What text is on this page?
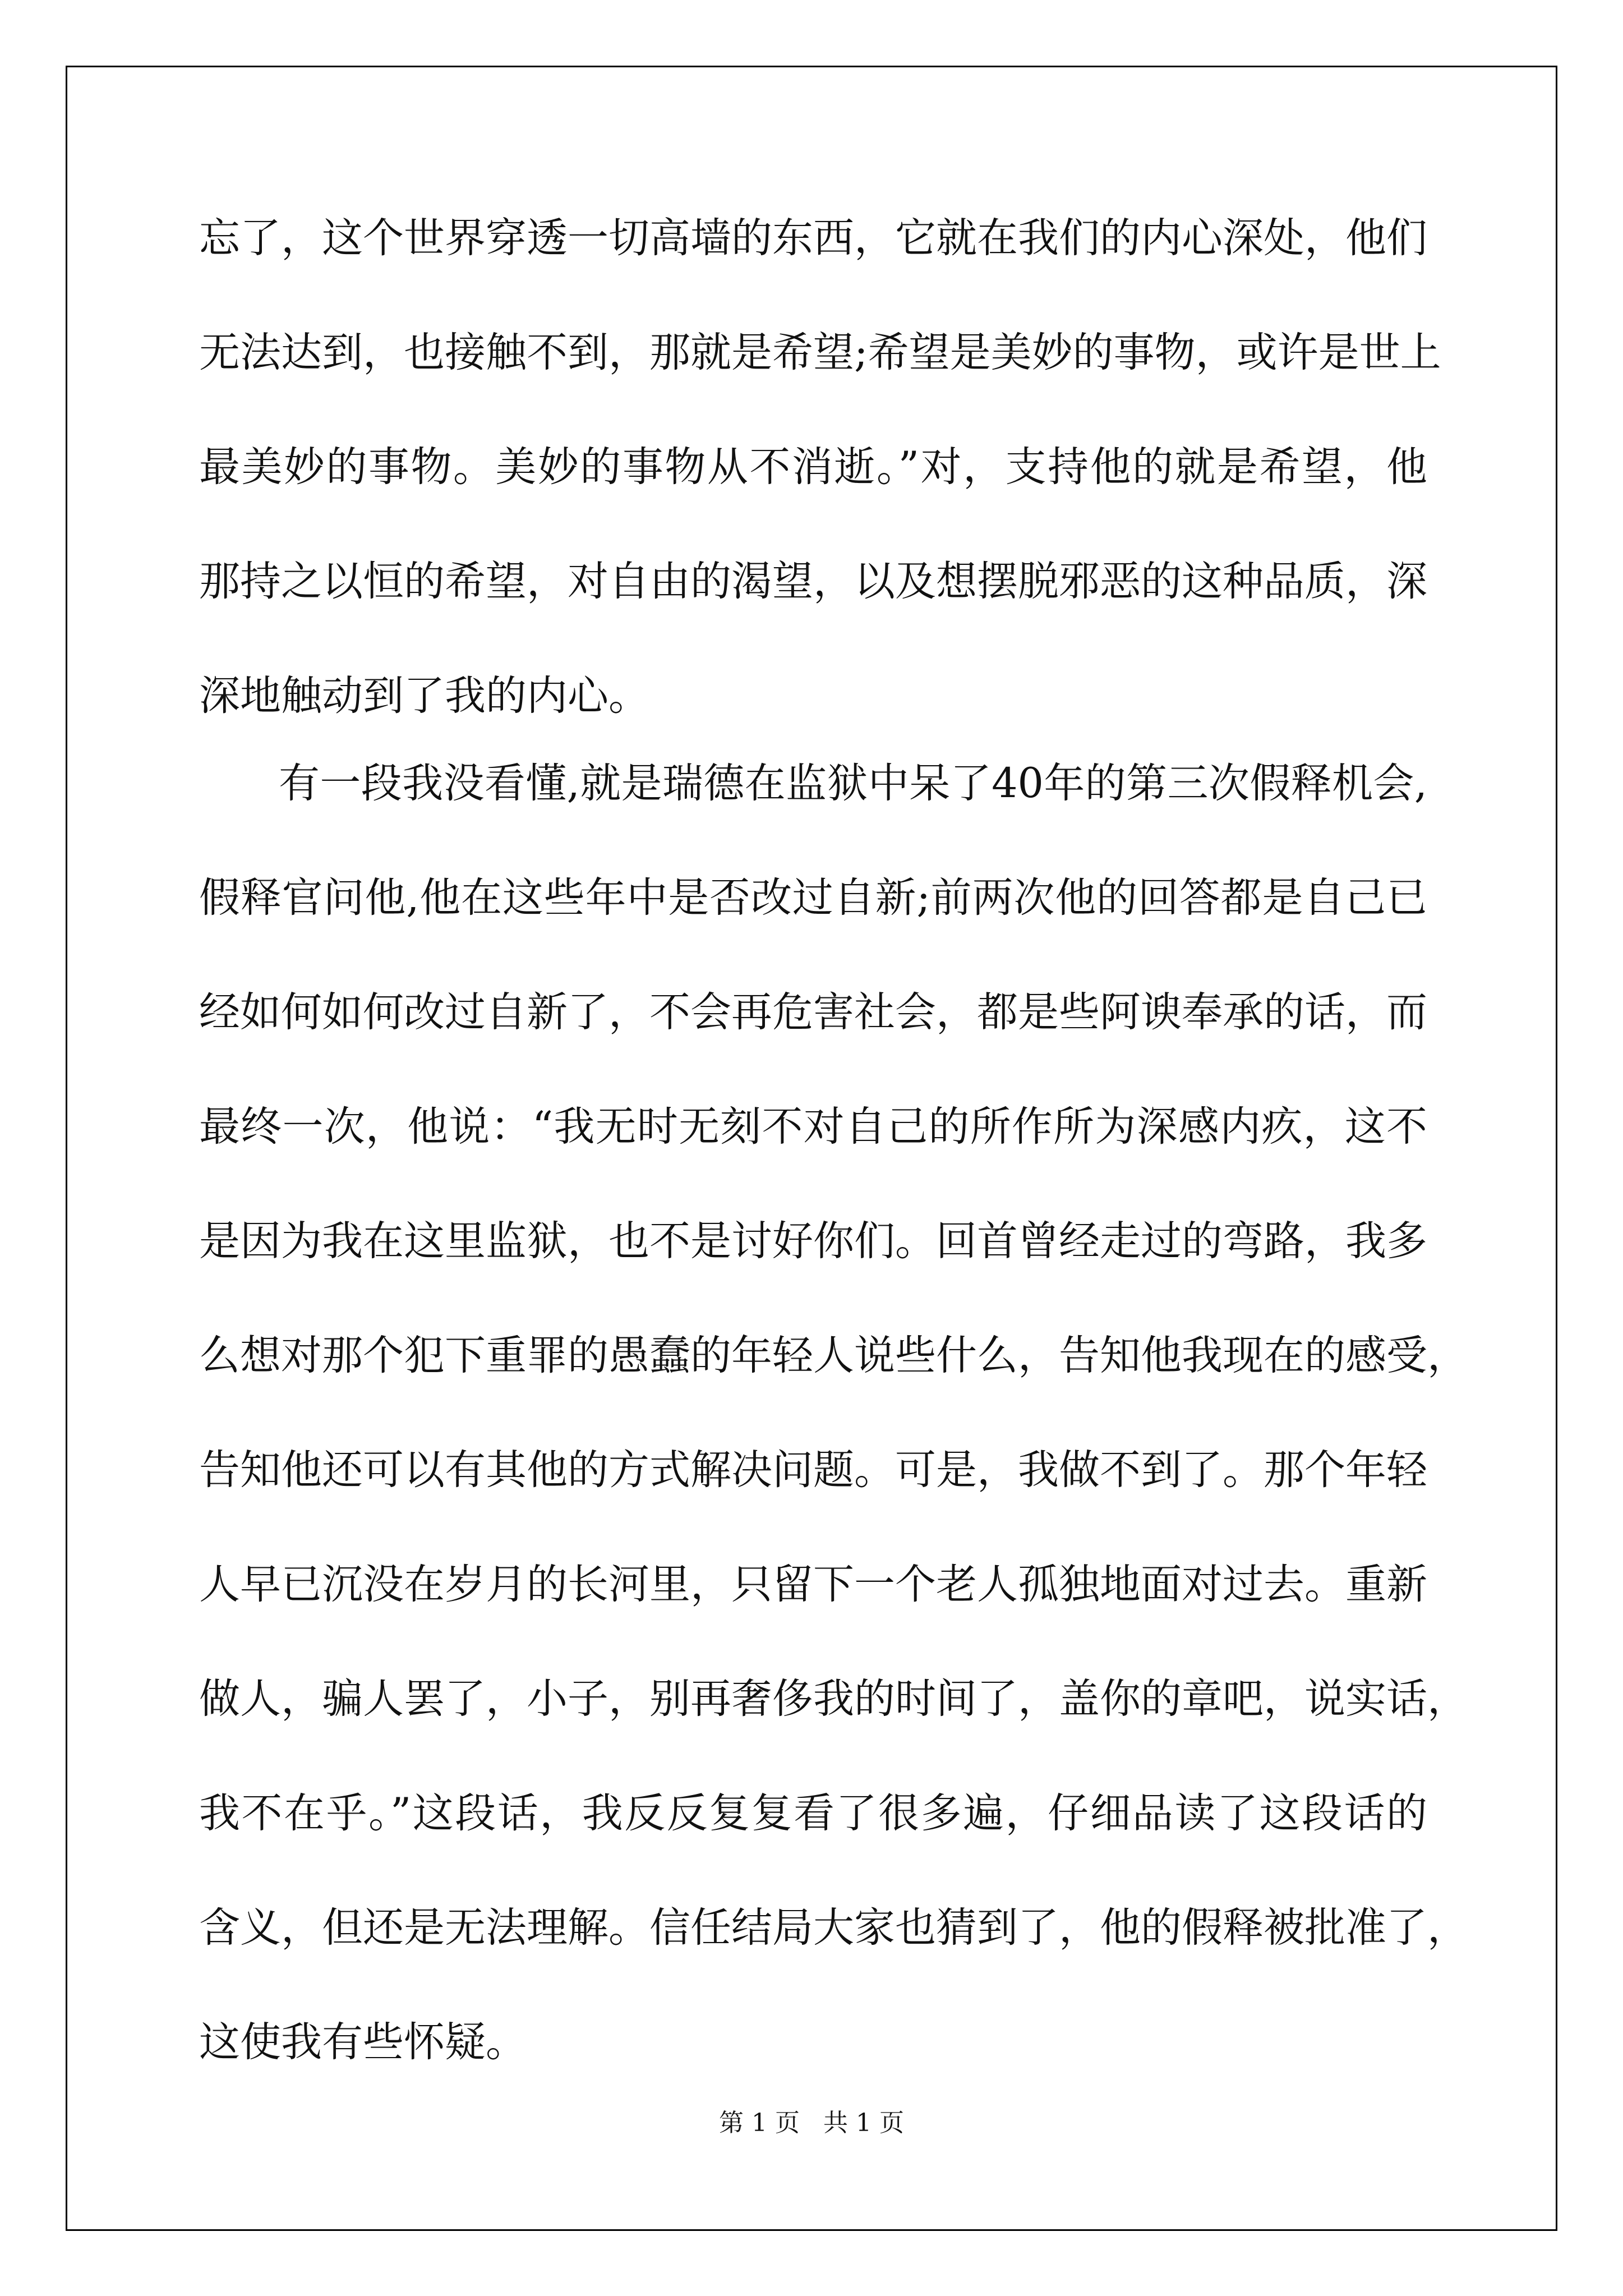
忘了，这个世界穿透一切高墙的东西，它就在我们的内心深处，他们

无法达到，也接触不到，那就是希望;希望是美妙的事物，或许是世上

最美妙的事物。美妙的事物从不消逝。”对，支持他的就是希望，他

那持之以恒的希望，对自由的渴望，以及想摆脱邪恶的这种品质，深

深地触动到了我的内心。

有一段我没看懂,就是瑞德在监狱中呆了40年的第三次假释机会,

假释官问他,他在这些年中是否改过自新;前两次他的回答都是自己已

经如何如何改过自新了，不会再危害社会，都是些阿谀奉承的话，而

最终一次，他说：“我无时无刻不对自己的所作所为深感内疚，这不

是因为我在这里监狱，也不是讨好你们。回首曾经走过的弯路，我多

么想对那个犯下重罪的愚蠢的年轻人说些什么，告知他我现在的感受，

告知他还可以有其他的方式解决问题。可是，我做不到了。那个年轻

人早已沉没在岁月的长河里，只留下一个老人孤独地面对过去。重新

做人，骗人罢了，小子，别再奢侈我的时间了，盖你的章吧，说实话，

我不在乎。”这段话，我反反复复看了很多遍，仔细品读了这段话的

含义，但还是无法理解。信任结局大家也猜到了，他的假释被批准了，

这使我有些怀疑。

第 1 页   共 1 页
